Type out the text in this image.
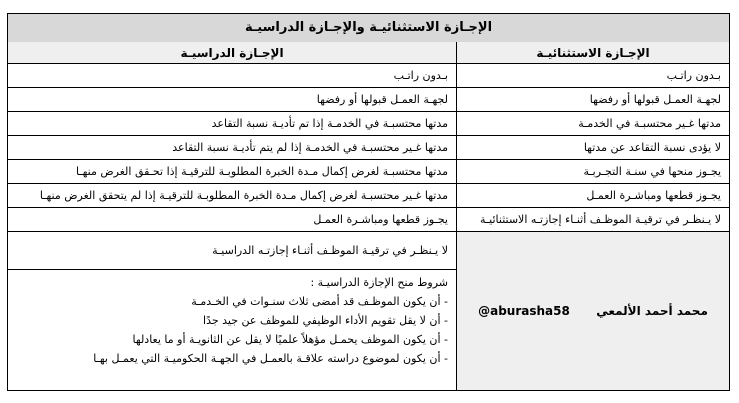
الإجـازة الاستثنائيـة والإجـازة الدراسيـة
الإجـازة الدراسيـة	الإجـازة الاستثنائيـة
بـدون راتـب	بـدون راتـب
لجهـة العمـل قبولها أو رفضها	لجهـة العمـل قبولها أو رفضها
مدتها محتسبـة في الخدمـة إذا تم تأديـة نسبة التقاعد	مدتها غـير محتسبـة في الخدمـة
مدتها غـير محتسبـة في الخدمـة إذا لم يتم تأديـة نسبة التقاعد	لا يؤدى نسبة التقاعد عن مدتها
مدتها محتسبـة لغرض إكمال مـدة الخبرة المطلوبـة للترقيـة إذا تحـقق الغرض منهـا	يجـوز منحها في سنـة التجـربـة
مدتها غـير محتسبـة لغرض إكمال مـدة الخبرة المطلوبـة للترقيـة إذا لم يتحقق الغرض منهـا	يجـوز قطعها ومباشـرة العمـل
يجـوز قطعها ومباشـرة العمـل	لا يـنظـر في ترقيـة الموظـف أثنـاء إجازتـه الاستثنائيـة
لا يـنظـر في ترقيـة الموظـف أثنـاء إجازتـه الدراسيـة
شروط منح الإجازة الدراسيـة :
- أن يكون الموظـف قد أمضى ثلاث سنـوات في الخـدمـة
- أن لا يقل تقويم الأداء الوظيفي للموظف عن جيد جدًا
- أن يكون الموظف يحمـل مؤهلاً علميًا لا يقل عن الثانويـة أو ما يعادلها
- أن يكون لموضوع دراسته علاقـة بالعمـل في الجهـة الحكوميـة التي يعمـل بهـا
محمد أحمد الألمعي  @aburasha58
